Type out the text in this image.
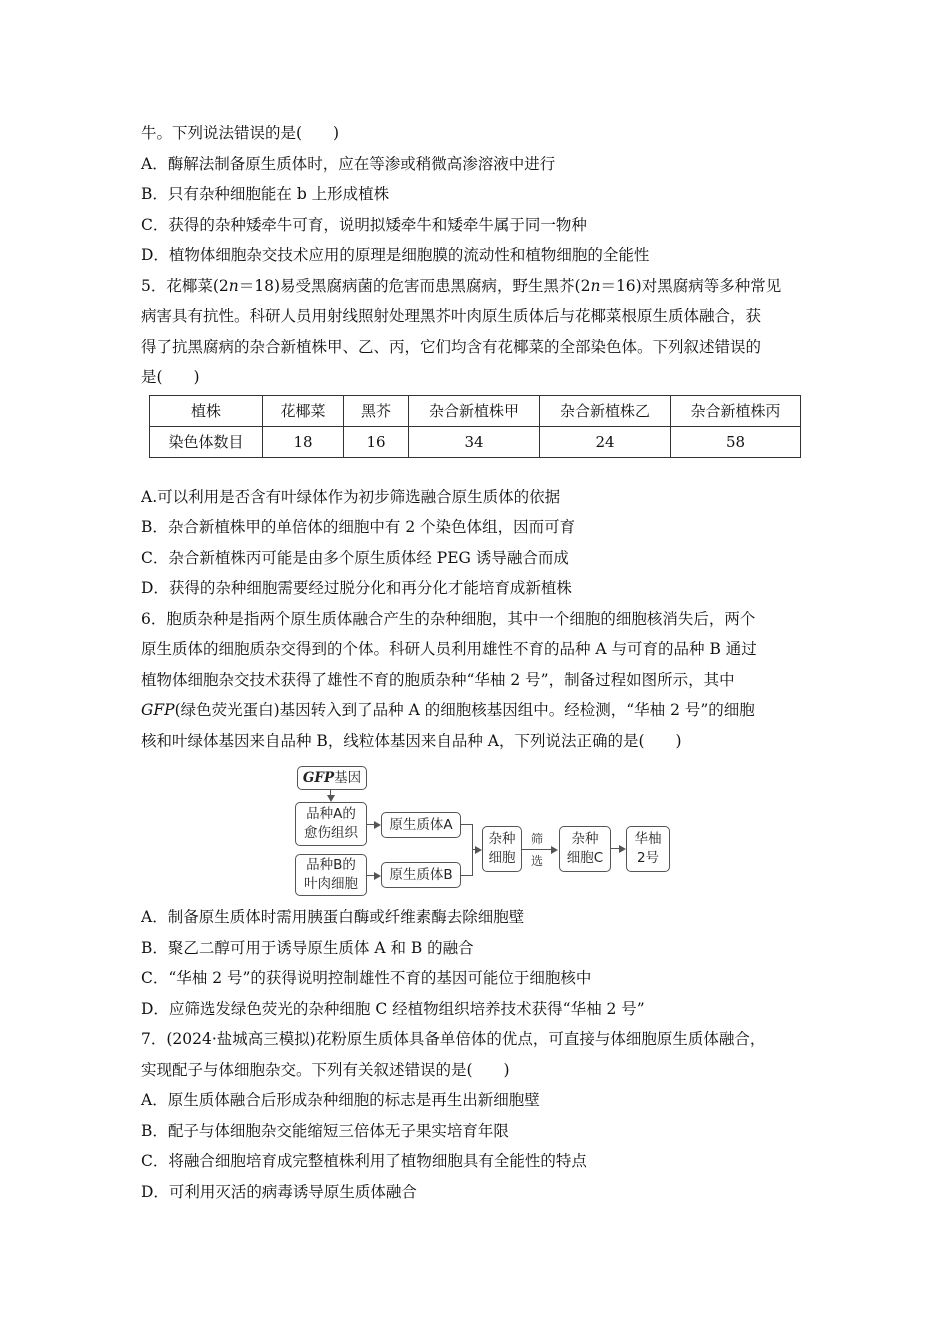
牛。下列说法错误的是(　　)
A．酶解法制备原生质体时，应在等渗或稍微高渗溶液中进行
B．只有杂种细胞能在 b 上形成植株
C．获得的杂种矮牵牛可育，说明拟矮牵牛和矮牵牛属于同一物种
D．植物体细胞杂交技术应用的原理是细胞膜的流动性和植物细胞的全能性
5．花椰菜(2n＝18)易受黑腐病菌的危害而患黑腐病，野生黑芥(2n＝16)对黑腐病等多种常见
病害具有抗性。科研人员用射线照射处理黑芥叶肉原生质体后与花椰菜根原生质体融合，获
得了抗黑腐病的杂合新植株甲、乙、丙，它们均含有花椰菜的全部染色体。下列叙述错误的
是(　　)
植株	花椰菜	黑芥	杂合新植株甲	杂合新植株乙	杂合新植株丙
染色体数目	18	16	34	24	58
A.可以利用是否含有叶绿体作为初步筛选融合原生质体的依据
B．杂合新植株甲的单倍体的细胞中有 2 个染色体组，因而可育
C．杂合新植株丙可能是由多个原生质体经 PEG 诱导融合而成
D．获得的杂种细胞需要经过脱分化和再分化才能培育成新植株
6．胞质杂种是指两个原生质体融合产生的杂种细胞，其中一个细胞的细胞核消失后，两个
原生质体的细胞质杂交得到的个体。科研人员利用雄性不育的品种 A 与可育的品种 B 通过
植物体细胞杂交技术获得了雄性不育的胞质杂种“华柚 2 号”，制备过程如图所示，其中
GFP(绿色荧光蛋白)基因转入到了品种 A 的细胞核基因组中。经检测，“华柚 2 号”的细胞
核和叶绿体基因来自品种 B，线粒体基因来自品种 A，下列说法正确的是(　　)
GFP基因
品种A的
愈伤组织
品种B的
叶肉细胞
原生质体A
原生质体B
杂种
细胞
筛
选
杂种
细胞C
A．制备原生质体时需用胰蛋白酶或纤维素酶去除细胞壁
B．聚乙二醇可用于诱导原生质体 A 和 B 的融合
C．“华柚 2 号”的获得说明控制雄性不育的基因可能位于细胞核中
D．应筛选发绿色荧光的杂种细胞 C 经植物组织培养技术获得“华柚 2 号”
7．(2024·盐城高三模拟)花粉原生质体具备单倍体的优点，可直接与体细胞原生质体融合，
实现配子与体细胞杂交。下列有关叙述错误的是(　　)
A．原生质体融合后形成杂种细胞的标志是再生出新细胞壁
B．配子与体细胞杂交能缩短三倍体无子果实培育年限
C．将融合细胞培育成完整植株利用了植物细胞具有全能性的特点
D．可利用灭活的病毒诱导原生质体融合
华柚
2号
